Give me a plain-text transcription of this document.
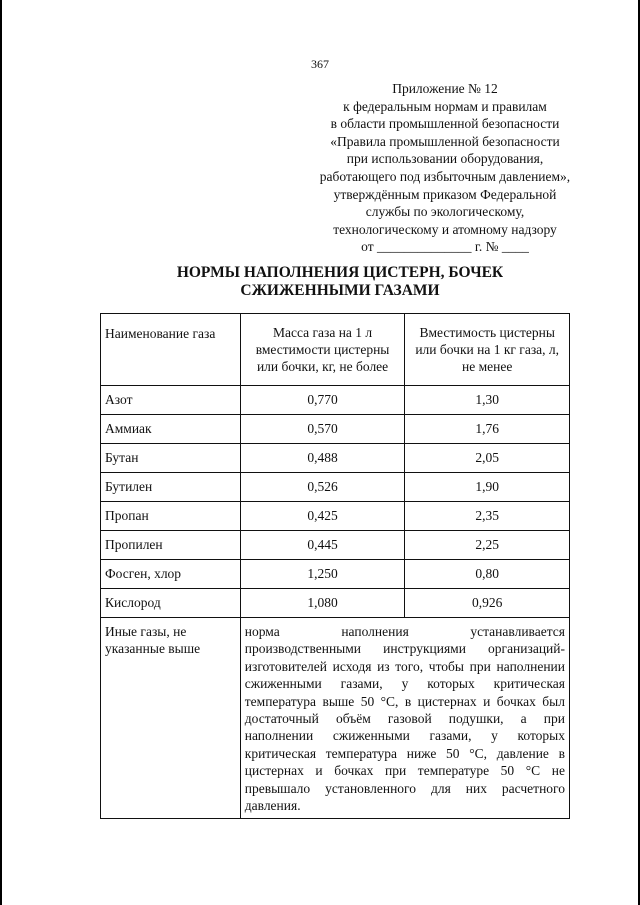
367
Приложение № 12
к федеральным нормам и правилам
в области промышленной безопасности
«Правила промышленной безопасности
при использовании оборудования,
работающего под избыточным давлением»,
утверждённым приказом Федеральной
службы по экологическому,
технологическому и атомному надзору
от ______________ г. № ____
НОРМЫ НАПОЛНЕНИЯ ЦИСТЕРН, БОЧЕК
СЖИЖЕННЫМИ ГАЗАМИ
Наименование газа	Масса газа на 1 л вместимости цистерны или бочки, кг, не более	Вместимость цистерны или бочки на 1 кг газа, л, не менее
Азот	0,770	1,30
Аммиак	0,570	1,76
Бутан	0,488	2,05
Бутилен	0,526	1,90
Пропан	0,425	2,35
Пропилен	0,445	2,25
Фосген, хлор	1,250	0,80
Кислород	1,080	0,926
Иные газы, не указанные выше	норма наполнения устанавливается производственными инструкциями организаций-изготовителей исходя из того, чтобы при наполнении сжиженными газами, у которых критическая температура выше 50 °С, в цистернах и бочках был достаточный объём газовой подушки, а при наполнении сжиженными газами, у которых критическая температура ниже 50 °С, давление в цистернах и бочках при температуре 50 °С не превышало установленного для них расчетного давления.	
